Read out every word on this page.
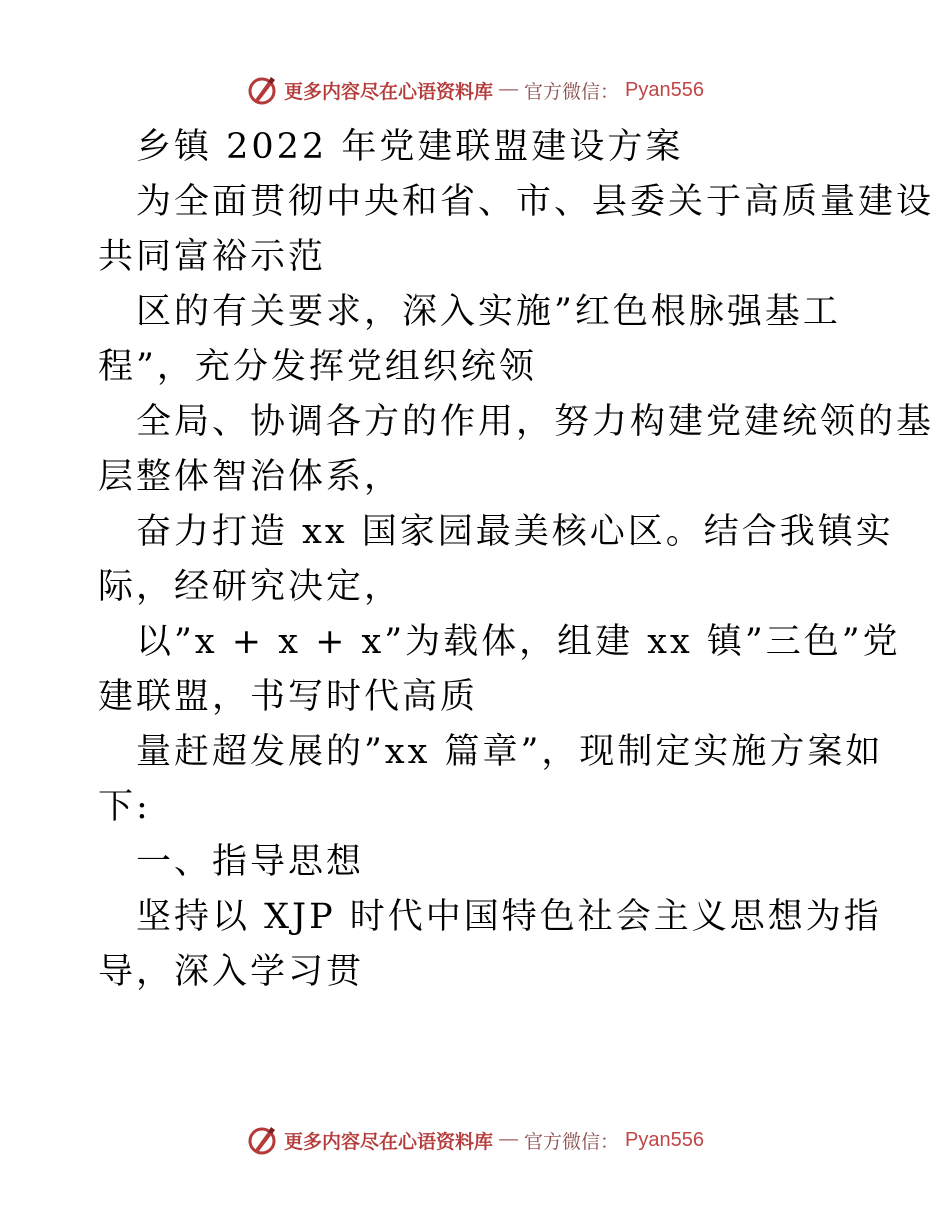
更多内容尽在心语资料库 — 官方微信： Pyan556
乡镇 2022 年党建联盟建设方案
为全面贯彻中央和省、市、县委关于高质量建设
共同富裕示范
区的有关要求，深入实施”红色根脉强基工
程”，充分发挥党组织统领
全局、协调各方的作用，努力构建党建统领的基
层整体智治体系，
奋力打造 xx 国家园最美核心区。结合我镇实
际，经研究决定，
以”x + x + x”为载体，组建 xx 镇”三色”党
建联盟，书写时代高质
量赶超发展的”xx 篇章”，现制定实施方案如
下:
一、指导思想
坚持以 XJP 时代中国特色社会主义思想为指
导，深入学习贯
更多内容尽在心语资料库 — 官方微信： Pyan556
